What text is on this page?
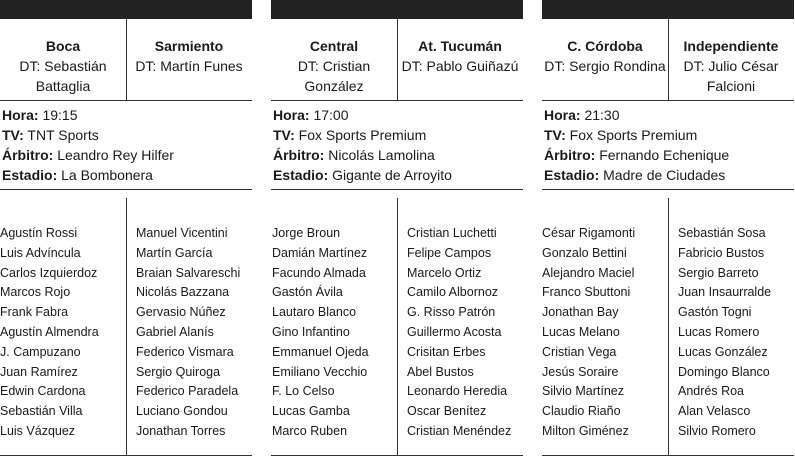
Boca
DT: Sebastián Battaglia
Agustín Rossi
Luis Advíncula
Carlos Izquierdoz
Marcos Rojo
Frank Fabra
Agustín Almendra
J. Campuzano
Juan Ramírez
Edwin Cardona
Sebastián Villa
Luis Vázquez
Sarmiento
DT: Martín Funes
Manuel Vicentini
Martín García
Braian Salvareschi
Nicolás Bazzana
Gervasio Núñez
Gabriel Alanís
Federico Vismara
Sergio Quiroga
Federico Paradela
Luciano Gondou
Jonathan Torres
Hora: 19:15
TV: TNT Sports
Árbitro: Leandro Rey Hilfer
Estadio: La Bombonera
Central
DT: Cristian González
Jorge Broun
Damián Martínez
Facundo Almada
Gastón Ávila
Lautaro Blanco
Gino Infantino
Emmanuel Ojeda
Emiliano Vecchio
F. Lo Celso
Lucas Gamba
Marco Ruben
At. Tucumán
DT: Pablo Guiñazú
Cristian Luchetti
Felipe Campos
Marcelo Ortiz
Camilo Albornoz
G. Risso Patrón
Guillermo Acosta
Crisitan Erbes
Abel Bustos
Leonardo Heredia
Oscar Benítez
Cristian Menéndez
Hora: 17:00
TV: Fox Sports Premium
Árbitro: Nicolás Lamolina
Estadio: Gigante de Arroyito
C. Córdoba
DT: Sergio Rondina
César Rigamonti
Gonzalo Bettini
Alejandro Maciel
Franco Sbuttoni
Jonathan Bay
Lucas Melano
Cristian Vega
Jesús Soraire
Silvio Martínez
Claudio Riaño
Milton Giménez
Independiente
DT: Julio César Falcioni
Sebastián Sosa
Fabricio Bustos
Sergio Barreto
Juan Insaurralde
Gastón Togni
Lucas Romero
Lucas González
Domingo Blanco
Andrés Roa
Alan Velasco
Silvio Romero
Hora: 21:30
TV: Fox Sports Premium
Árbitro: Fernando Echenique
Estadio: Madre de Ciudades
